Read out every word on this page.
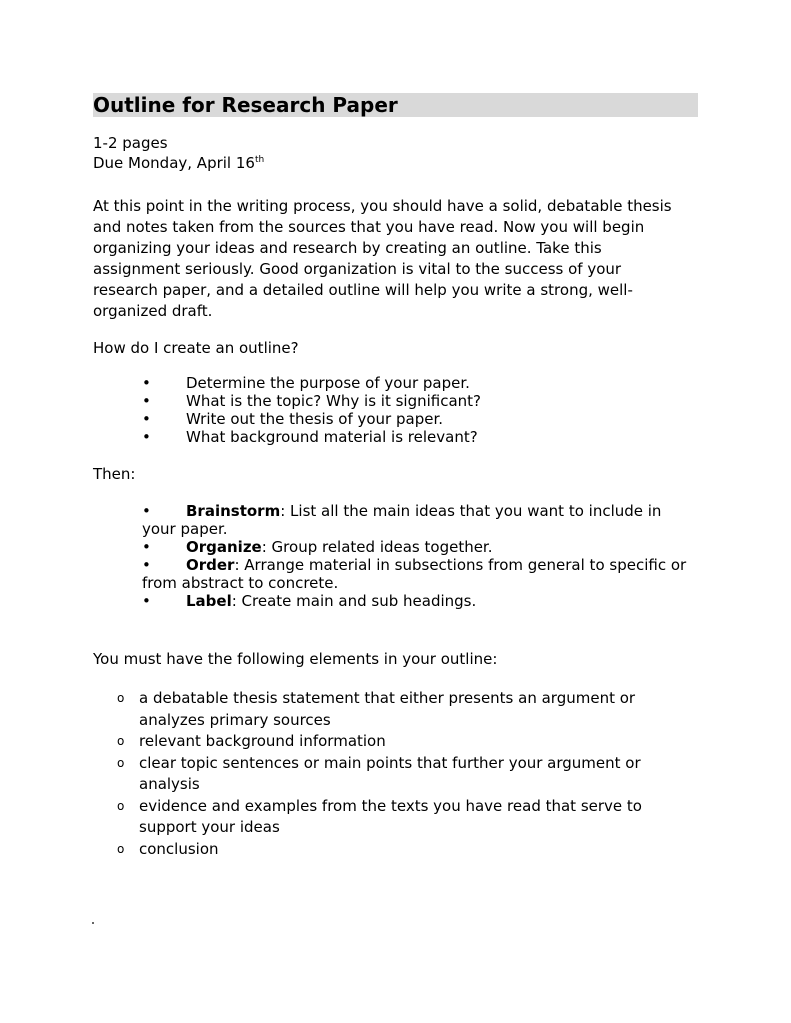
Outline for Research Paper
1-2 pages
Due Monday, April 16th
At this point in the writing process, you should have a solid, debatable thesis
and notes taken from the sources that you have read. Now you will begin
organizing your ideas and research by creating an outline. Take this
assignment seriously. Good organization is vital to the success of your
research paper, and a detailed outline will help you write a strong, well-
organized draft.
How do I create an outline?
• Determine the purpose of your paper.
• What is the topic? Why is it significant?
• Write out the thesis of your paper.
• What background material is relevant?
Then:
• Brainstorm: List all the main ideas that you want to include in
your paper.
• Organize: Group related ideas together.
• Order: Arrange material in subsections from general to specific or
from abstract to concrete.
• Label: Create main and sub headings.
You must have the following elements in your outline:
o a debatable thesis statement that either presents an argument or
analyzes primary sources
o relevant background information
o clear topic sentences or main points that further your argument or
analysis
o evidence and examples from the texts you have read that serve to
support your ideas
o conclusion
